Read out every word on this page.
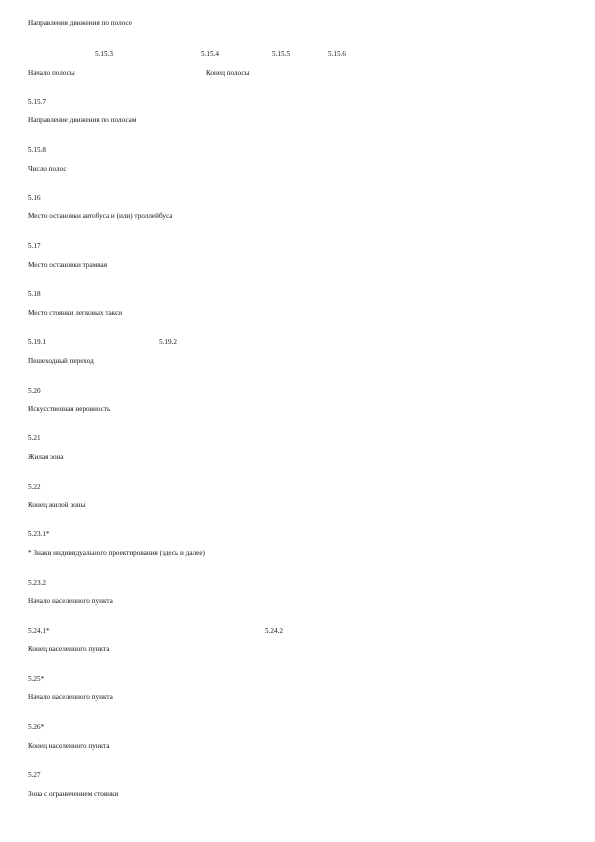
Направления движения по полосе
5.15.3	5.15.4	5.15.5	5.15.6
Начало полосы	Конец полосы
5.15.7
Направление движения по полосам
5.15.8
Число полос
5.16
Место остановки автобуса и (или) троллейбуса
5.17
Место остановки трамвая
5.18
Место стоянки легковых такси
5.19.1	5.19.2
Пешеходный переход
5.20
Искусственная неровность
5.21
Жилая зона
5.22
Конец жилой зоны
5.23.1*
* Знаки индивидуального проектирования (здесь и далее)
5.23.2
Начало населенного пункта
5.24.1*	5.24.2
Конец населенного пункта
5.25*
Начало населенного пункта
5.26*
Конец населенного пункта
5.27
Зона с ограничением стоянки
